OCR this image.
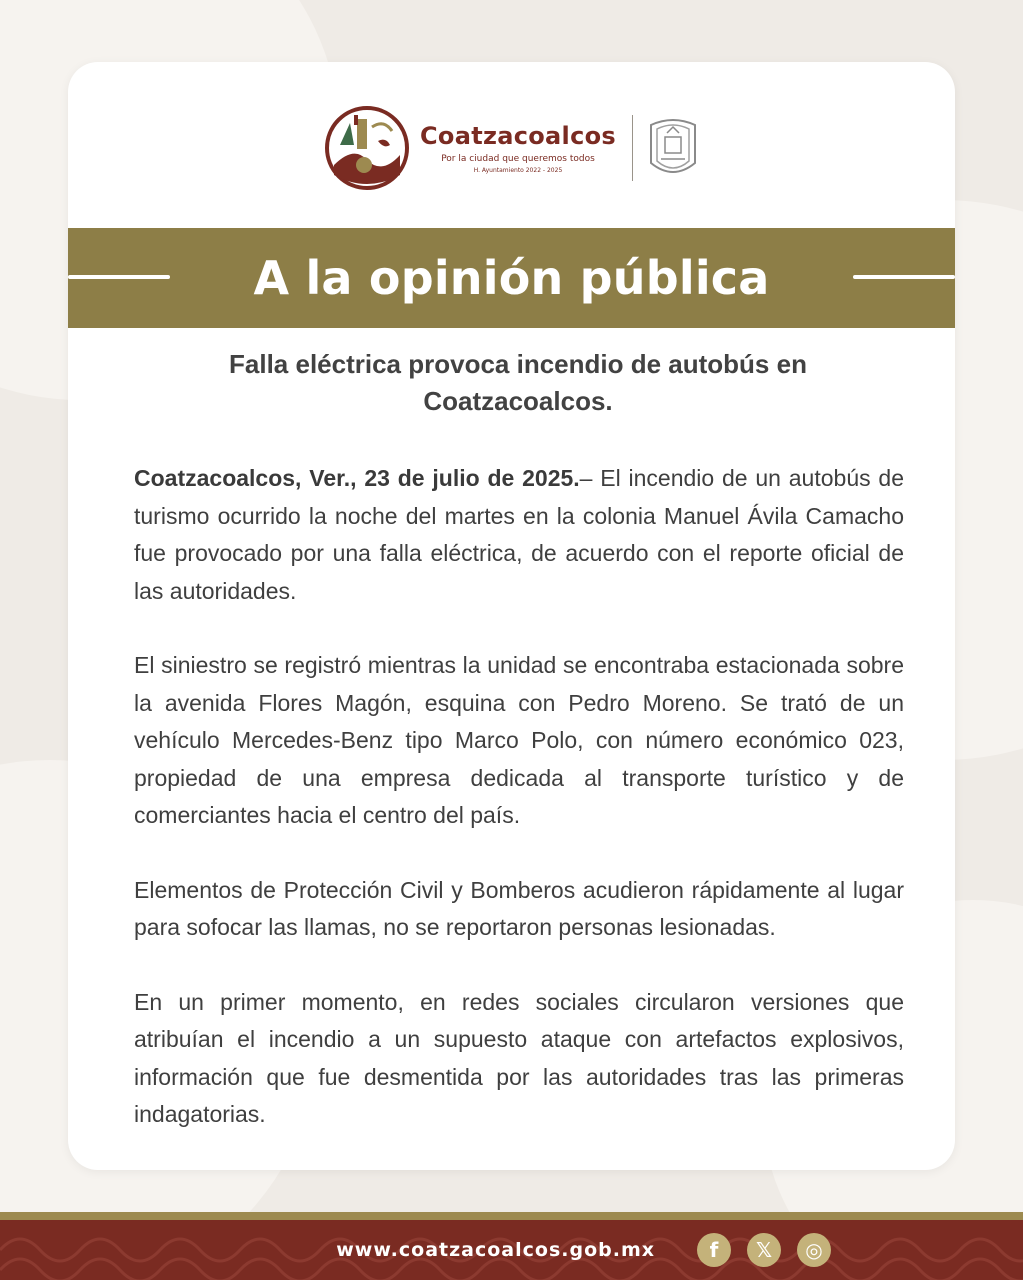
Coatzacoalcos
Por la ciudad que queremos todos
H. Ayuntamiento 2022 - 2025
A la opinión pública
Falla eléctrica provoca incendio de autobús en Coatzacoalcos.

Coatzacoalcos, Ver., 23 de julio de 2025.– El incendio de un autobús de turismo ocurrido la noche del martes en la colonia Manuel Ávila Camacho fue provocado por una falla eléctrica, de acuerdo con el reporte oficial de las autoridades.

El siniestro se registró mientras la unidad se encontraba estacionada sobre la avenida Flores Magón, esquina con Pedro Moreno. Se trató de un vehículo Mercedes-Benz tipo Marco Polo, con número económico 023, propiedad de una empresa dedicada al transporte turístico y de comerciantes hacia el centro del país.

Elementos de Protección Civil y Bomberos acudieron rápidamente al lugar para sofocar las llamas, no se reportaron personas lesionadas.

En un primer momento, en redes sociales circularon versiones que atribuían el incendio a un supuesto ataque con artefactos explosivos, información que fue desmentida por las autoridades tras las primeras indagatorias.

www.coatzacoalcos.gob.mx	f	𝕏	◎
